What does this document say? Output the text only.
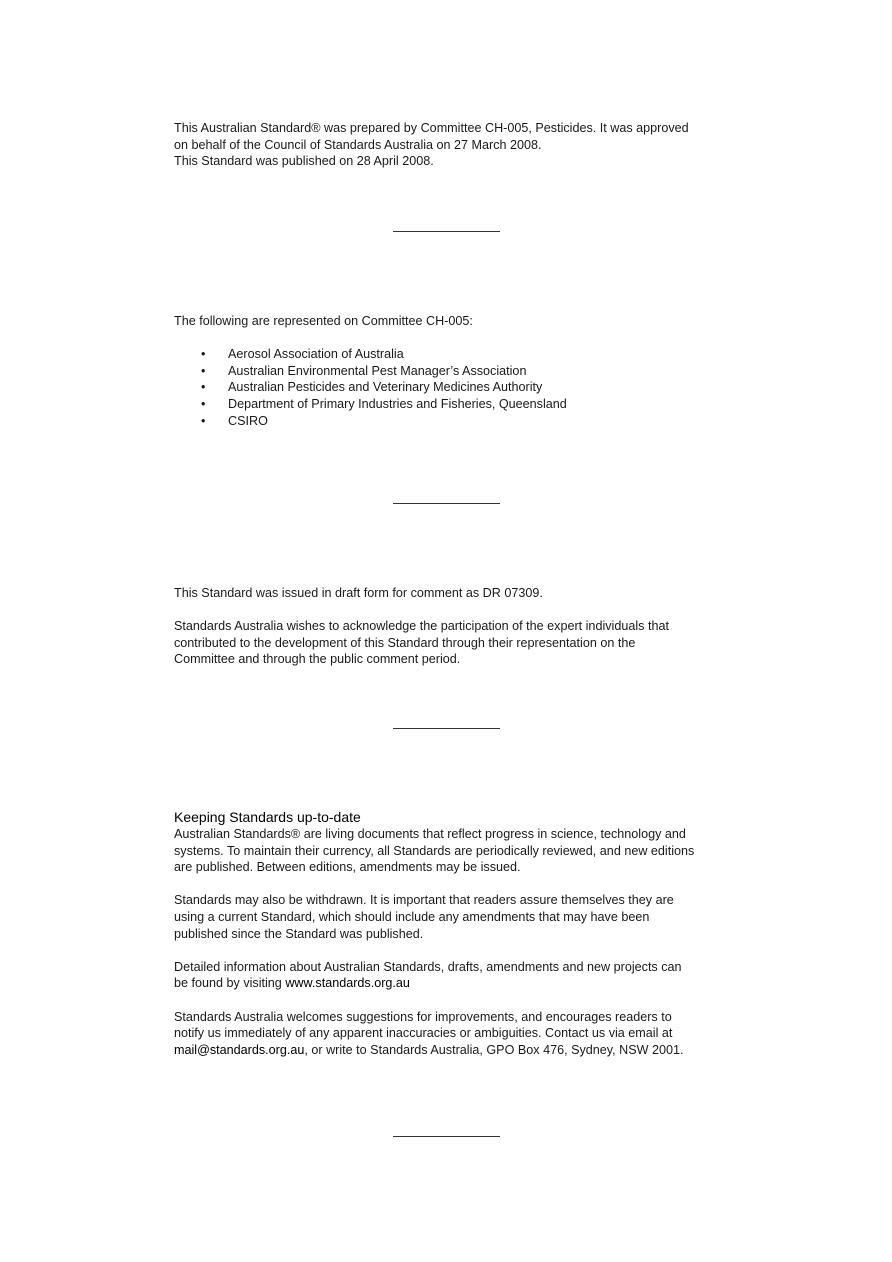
This Australian Standard® was prepared by Committee CH-005, Pesticides. It was approved

on behalf of the Council of Standards Australia on 27 March 2008.

This Standard was published on 28 April 2008.

The following are represented on Committee CH-005:

• Aerosol Association of Australia
• Australian Environmental Pest Manager’s Association
• Australian Pesticides and Veterinary Medicines Authority
• Department of Primary Industries and Fisheries, Queensland
• CSIRO

This Standard was issued in draft form for comment as DR 07309.

Standards Australia wishes to acknowledge the participation of the expert individuals that

contributed to the development of this Standard through their representation on the

Committee and through the public comment period.

Keeping Standards up-to-date

Australian Standards® are living documents that reflect progress in science, technology and

systems. To maintain their currency, all Standards are periodically reviewed, and new editions

are published. Between editions, amendments may be issued.

Standards may also be withdrawn. It is important that readers assure themselves they are

using a current Standard, which should include any amendments that may have been

published since the Standard was published.

Detailed information about Australian Standards, drafts, amendments and new projects can

be found by visiting www.standards.org.au

Standards Australia welcomes suggestions for improvements, and encourages readers to

notify us immediately of any apparent inaccuracies or ambiguities. Contact us via email at

mail@standards.org.au, or write to Standards Australia, GPO Box 476, Sydney, NSW 2001.
